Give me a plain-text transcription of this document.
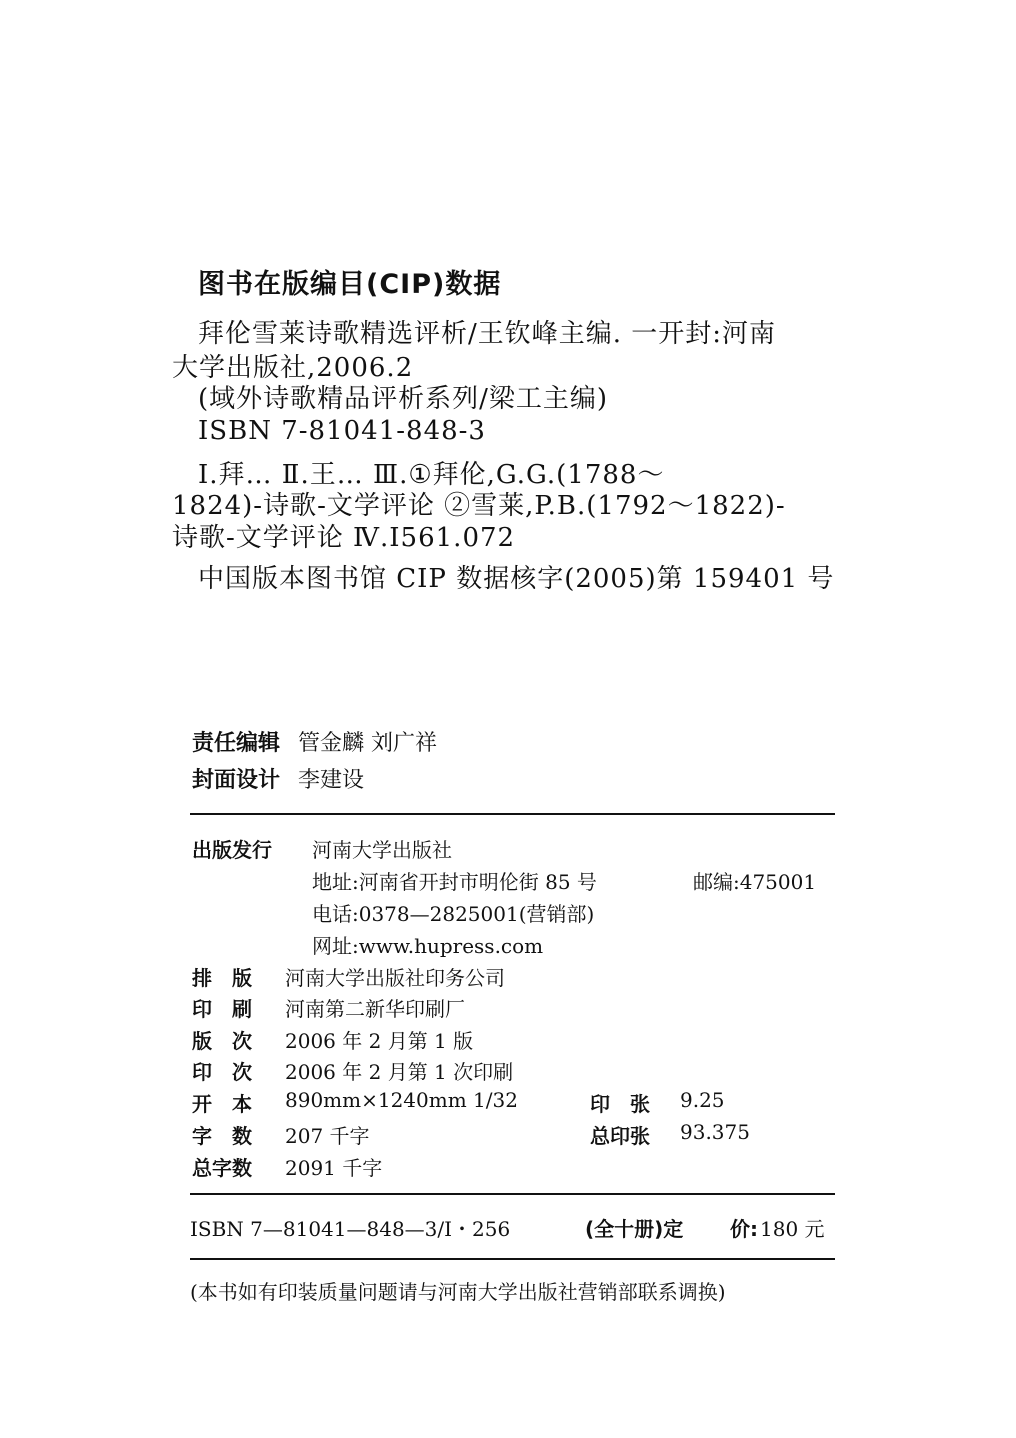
图书在版编目(CIP)数据
拜伦雪莱诗歌精选评析/王钦峰主编. 一开封:河南
大学出版社,2006.2
(域外诗歌精品评析系列/梁工主编)
ISBN 7-81041-848-3
Ⅰ.拜… Ⅱ.王… Ⅲ.①拜伦,G.G.(1788～
1824)-诗歌-文学评论 ②雪莱,P.B.(1792～1822)-
诗歌-文学评论 Ⅳ.Ⅰ561.072
中国版本图书馆 CIP 数据核字(2005)第 159401 号
责任编辑 管金麟 刘广祥
封面设计 李建设
出版发行 河南大学出版社
地址:河南省开封市明伦街 85 号	邮编:475001
电话:0378—2825001(营销部)
网址:www.hupress.com
排　版 河南大学出版社印务公司
印　刷 河南第二新华印刷厂
版　次 2006 年 2 月第 1 版
印　次 2006 年 2 月第 1 次印刷
开　本 890mm×1240mm 1/32	印　张 9.25
字　数 207 千字	总印张 93.375
总字数 2091 千字
ISBN 7—81041—848—3/I・256	(全十册)定 价: 180 元
(本书如有印装质量问题请与河南大学出版社营销部联系调换)
